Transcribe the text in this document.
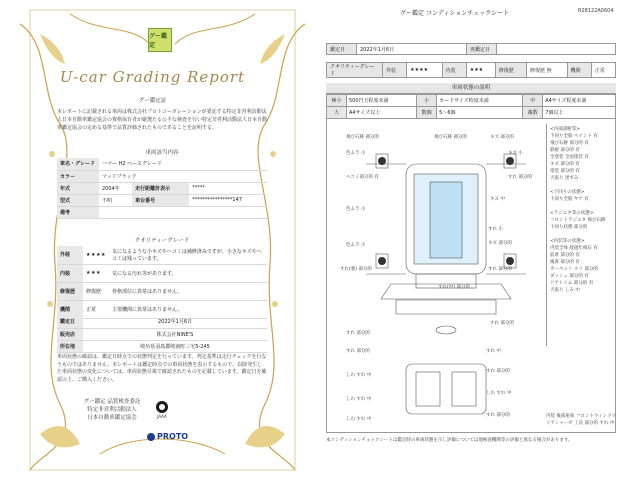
グー鑑定
U-car Grading Report
グー鑑定証
本レポートに記載される車両は株式会社プロトコーポレーションが委託する特定非営利活動法人日本自動車鑑定協会の資格保有者が厳選たる公平な検査を行い特定非営利活動法人日本自動車鑑定協会の定める基準で品質評価されたものであることを証明する。
車両該当内容
車名・グレード	ハマー H2 ベースグレード		
カラー	マッドブラック		
年式	2004年	走行距離計表示	*****
型式	不明	車台番号	****************147
備考			
クオリティーグレード
外装	★★★★	気になるような小キズやヘコミは補修済みですが、小さなキズやヘコミは残っています。
内装	★★★	気になる汚れ等があります。
修復歴	修復歴	骨格部位に異常はありません。
機関	正常	主要機関に異常はありません。
鑑定日	2022年1月6日
販売店	株式会社NINE'S
所在地	岐阜県羽島郡岐南町三宅5-245
車両状態の確認は、鑑定日時点での状態判定を行っています。判定基準は走行チェックを行なうものではありません。本レポートは鑑定時点での車両状態を表示するもので、以降発生した車両状態の変化については、車両状態目視で確認されたものを記載しています。鑑定日を確認の上、ご購入ください。
グー鑑定 品質検査委託
特定非営利活動法人
日本自動車鑑定協会	JAAA
PROTO
グー鑑定 コンディションチェックシート	R28122A0604
鑑定日	2022年1月6日	再鑑定日	
クオリティーグレード	外装	★★★★	内装	★★★	修復歴	修復歴 無	機関	正常
車両状態の説明
極小	500円玉程度未満	小	カードサイズ程度未満	中	A4サイズ程度未満
大	A4サイズ以上	数個	5～6個	複数	7個以上
飛び石跡 部分的	飛び石跡 部分的	キズ 部分的
色ムラ 小	キズ 小
ヘコミ部分的 有	すれ 部分的
キズ 中
色ムラ 小
すれ 小
キズ 部分的
色ムラ 小
すれ(裏) 部分的	すれ 部分的
すれ(中) 部分的
すれ 部分的
すれ 部分的
すれ 部分的	すれ 中
しわ すれ 中
すれ 部分的
しわ すれ 中
しわ すれ 中
しわ すれ 中
すれ 部分的
<内部診断等>
下回り全般 ペイント 有
飛び石跡 部分的 有
鉄板 部分的 有
全塗装 全面塗装 有
キズ 部分的 有
塗装 部分的 有
天張り 黒ずみ

<下回りの状態>
下回り全般 ヤケ 有

<ラジエタ等の状態>
フロントラジエタ 飛び石跡
下回り状態 部分的

<内装等の状態>
内装全体 経過年相応 有
前席 部分的 有
後席 部分的 有
カーペット スリ 部分的
ダッシュ 部分的 有
ドアトリム 部分的 有
天張り しみ 中
内装 後部座席 フロントウィンドウ リアシャーゼ 工具 部分的 すれ 中
本コンディションチェックシートは鑑定時の車両状態を示し評価については他検査機関等の評価と異なる場合があります。
